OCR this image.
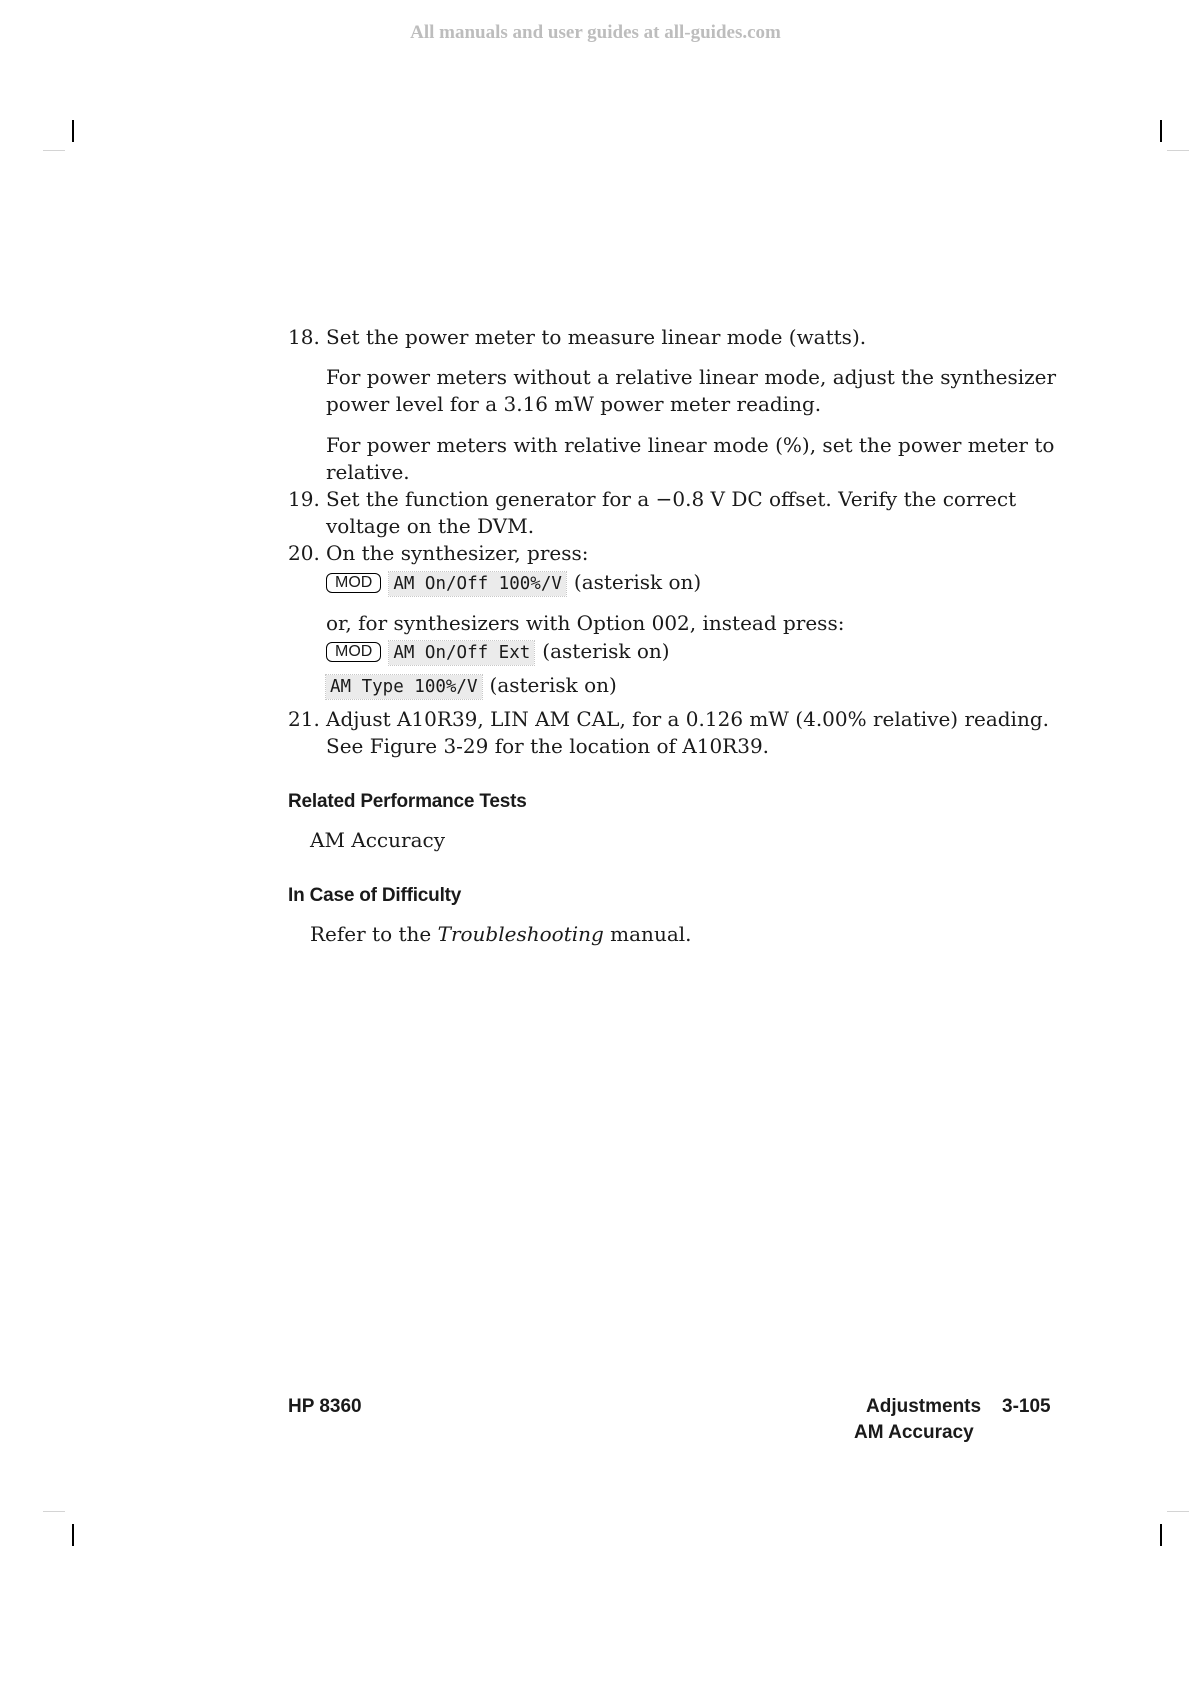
All manuals and user guides at all-guides.com
18. Set the power meter to measure linear mode (watts).
For power meters without a relative linear mode, adjust the synthesizer
power level for a 3.16 mW power meter reading.
For power meters with relative linear mode (%), set the power meter to
relative.
19. Set the function generator for a −0.8 V DC offset. Verify the correct
voltage on the DVM.
20. On the synthesizer, press:
MOD AM On/Off 100%/V (asterisk on)
or, for synthesizers with Option 002, instead press:
MOD AM On/Off Ext (asterisk on)
AM Type 100%/V (asterisk on)
21. Adjust A10R39, LIN AM CAL, for a 0.126 mW (4.00% relative) reading.
See Figure 3-29 for the location of A10R39.
Related Performance Tests
AM Accuracy
In Case of Difficulty
Refer to the Troubleshooting manual.
HP 8360	Adjustments 3-105
AM Accuracy
